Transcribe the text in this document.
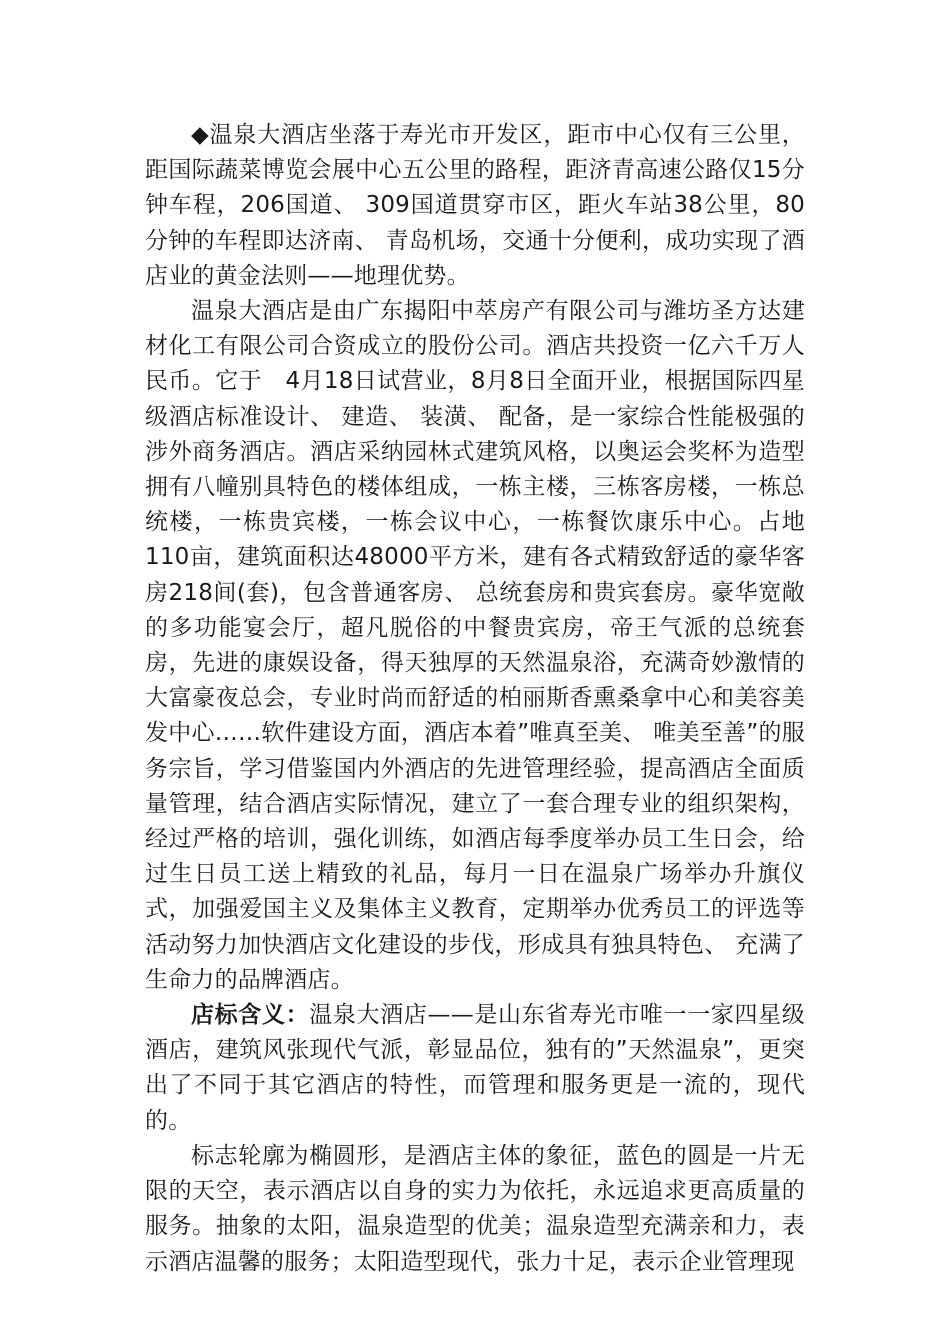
◆温泉大酒店坐落于寿光市开发区，距市中心仅有三公里，距国际蔬菜博览会展中心五公里的路程，距济青高速公路仅15分钟车程，206国道、 309国道贯穿市区，距火车站38公里，80分钟的车程即达济南、 青岛机场，交通十分便利，成功实现了酒店业的黄金法则——地理优势。

温泉大酒店是由广东揭阳中萃房产有限公司与潍坊圣方达建材化工有限公司合资成立的股份公司。酒店共投资一亿六千万人民币。它于　4月18日试营业，8月8日全面开业，根据国际四星级酒店标准设计、 建造、 装潢、 配备，是一家综合性能极强的涉外商务酒店。酒店采纳园林式建筑风格，以奥运会奖杯为造型拥有八幢别具特色的楼体组成，一栋主楼，三栋客房楼，一栋总统楼，一栋贵宾楼，一栋会议中心，一栋餐饮康乐中心。占地110亩，建筑面积达48000平方米，建有各式精致舒适的豪华客房218间(套)，包含普通客房、 总统套房和贵宾套房。豪华宽敞的多功能宴会厅，超凡脱俗的中餐贵宾房，帝王气派的总统套房，先进的康娱设备，得天独厚的天然温泉浴，充满奇妙激情的大富豪夜总会，专业时尚而舒适的柏丽斯香熏桑拿中心和美容美发中心……软件建设方面，酒店本着”唯真至美、 唯美至善”的服务宗旨，学习借鉴国内外酒店的先进管理经验，提高酒店全面质量管理，结合酒店实际情况，建立了一套合理专业的组织架构，经过严格的培训，强化训练，如酒店每季度举办员工生日会，给过生日员工送上精致的礼品，每月一日在温泉广场举办升旗仪式，加强爱国主义及集体主义教育，定期举办优秀员工的评选等活动努力加快酒店文化建设的步伐，形成具有独具特色、 充满了生命力的品牌酒店。

店标含义：温泉大酒店——是山东省寿光市唯一一家四星级酒店，建筑风张现代气派，彰显品位，独有的”天然温泉”，更突出了不同于其它酒店的特性，而管理和服务更是一流的，现代的。

标志轮廓为椭圆形，是酒店主体的象征，蓝色的圆是一片无限的天空，表示酒店以自身的实力为依托，永远追求更高质量的服务。抽象的太阳，温泉造型的优美；温泉造型充满亲和力，表示酒店温馨的服务；太阳造型现代，张力十足，表示企业管理现
